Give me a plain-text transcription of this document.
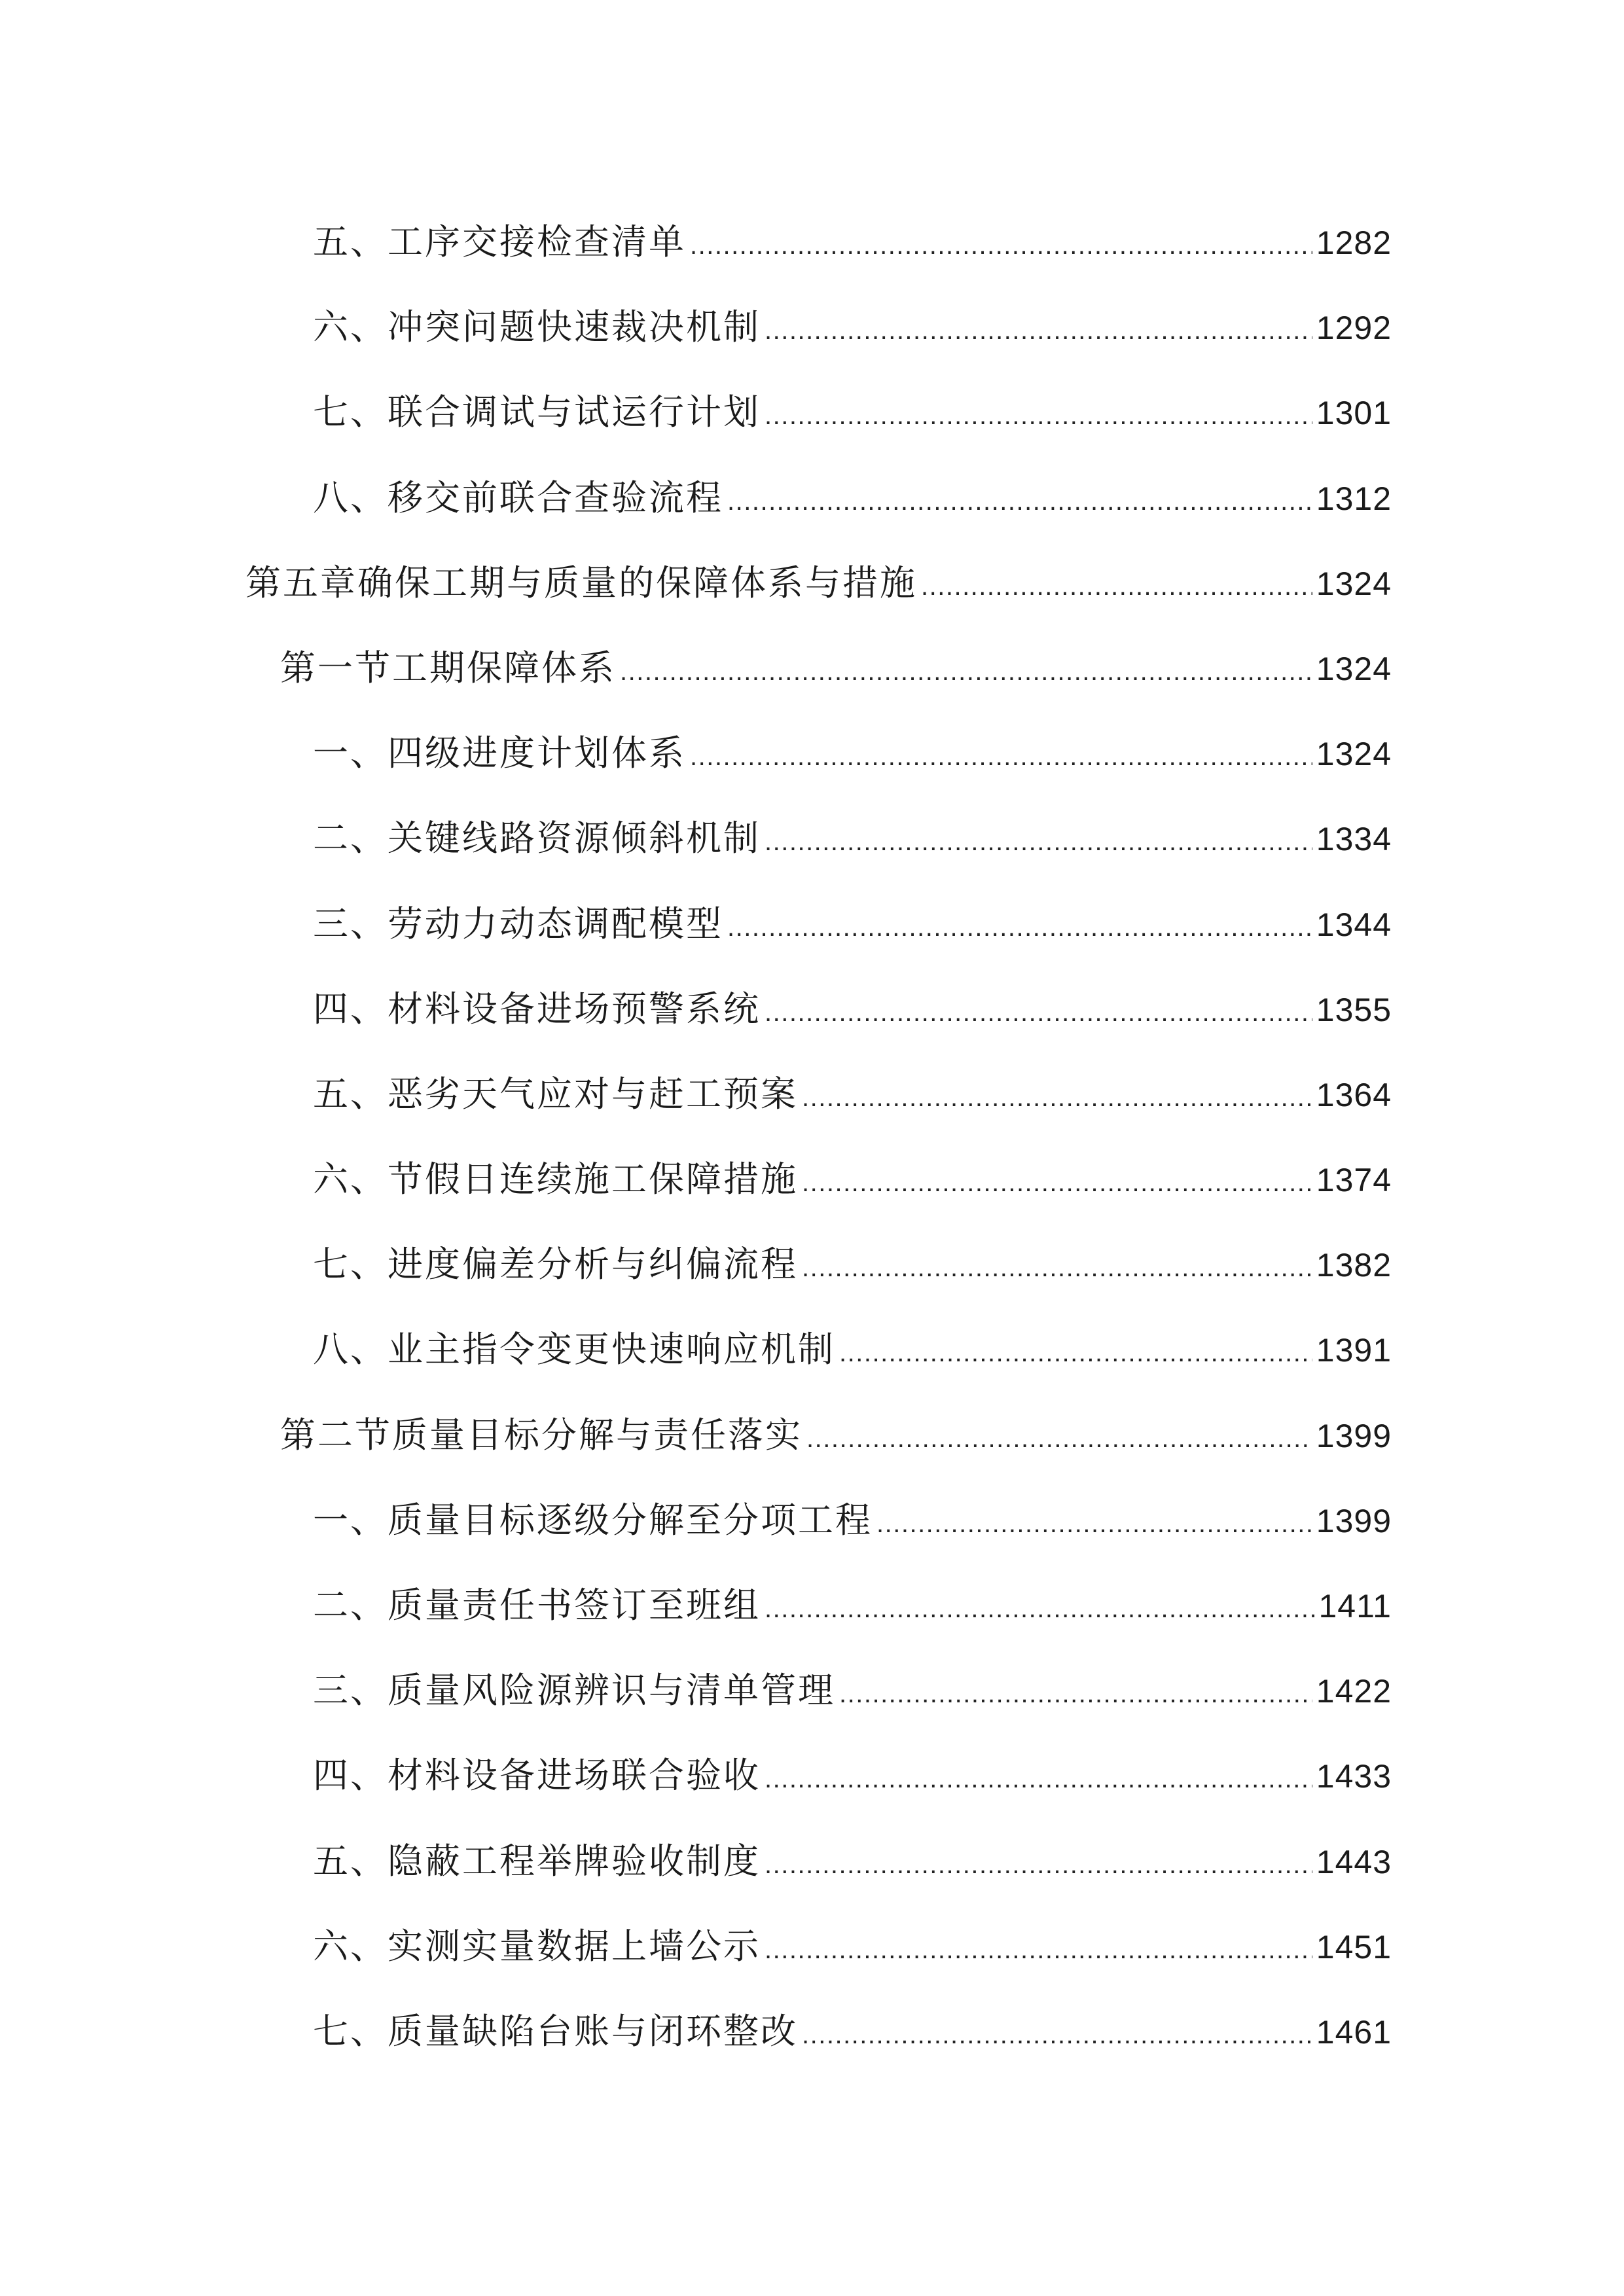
五、工序交接检查清单 .....	1282
六、冲突问题快速裁决机制 .....	1292
七、联合调试与试运行计划 .....	1301
八、移交前联合查验流程 .....	1312
第五章确保工期与质量的保障体系与措施 .....	1324
第一节工期保障体系 .....	1324
一、四级进度计划体系 .....	1324
二、关键线路资源倾斜机制 .....	1334
三、劳动力动态调配模型 .....	1344
四、材料设备进场预警系统 .....	1355
五、恶劣天气应对与赶工预案 .....	1364
六、节假日连续施工保障措施 .....	1374
七、进度偏差分析与纠偏流程 .....	1382
八、业主指令变更快速响应机制 .....	1391
第二节质量目标分解与责任落实 .....	1399
一、质量目标逐级分解至分项工程 .....	1399
二、质量责任书签订至班组 .....	1411
三、质量风险源辨识与清单管理 .....	1422
四、材料设备进场联合验收 .....	1433
五、隐蔽工程举牌验收制度 .....	1443
六、实测实量数据上墙公示 .....	1451
七、质量缺陷台账与闭环整改 .....	1461
